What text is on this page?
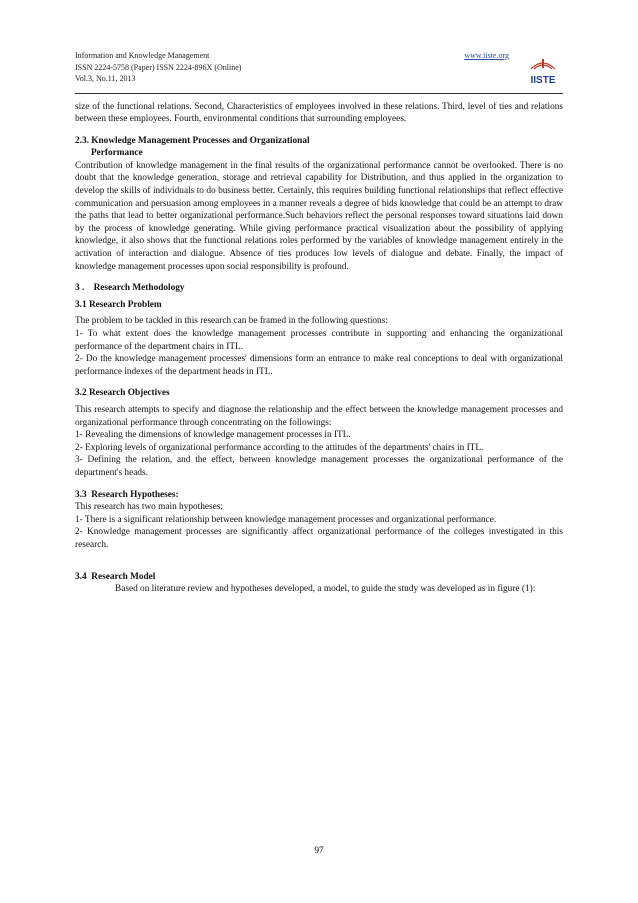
Information and Knowledge Management	www.iiste.org
ISSN 2224-5758 (Paper) ISSN 2224-896X (Online)
Vol.3, No.11, 2013	IISTE

size of the functional relations. Second, Characteristics of employees involved in these relations. Third, level of ties and relations between these employees. Fourth, environmental conditions that surrounding employees.

2.3. Knowledge Management Processes and Organizational

Performance

Contribution of knowledge management in the final results of the organizational performance cannot be overlooked. There is no doubt that the knowledge generation, storage and retrieval capability for Distribution, and thus applied in the organization to develop the skills of individuals to do business better. Certainly, this requires building functional relationships that reflect effective communication and persuasion among employees in a manner reveals a degree of bids knowledge that could be an attempt to draw the paths that lead to better organizational performance.Such behaviors reflect the personal responses toward situations laid down by the process of knowledge generating. While giving performance practical visualization about the possibility of applying knowledge, it also shows that the functional relations roles performed by the variables of knowledge management entirely in the activation of interaction and dialogue. Absence of ties produces low levels of dialogue and debate. Finally, the impact of knowledge management processes upon social responsibility is profound.

3 .    Research Methodology

3.1 Research Problem

The problem to be tackled in this research can be framed in the following questions:

1- To what extent does the knowledge management processes contribute in supporting and enhancing the organizational performance of the department chairs in ITL.

2- Do the knowledge management processes' dimensions form an entrance to make real conceptions to deal with organizational performance indexes of the department heads in ITL.

3.2 Research Objectives

This research attempts to specify and diagnose the relationship and the effect between the knowledge management processes and organizational performance through concentrating on the followings:

1- Revealing the dimensions of knowledge management processes in ITL.

2- Exploring levels of organizational performance according to the attitudes of the departments' chairs in ITL.

3- Defining the relation, and the effect, between knowledge management processes the organizational performance of the department's heads.

3.3  Research Hypotheses:

This research has two main hypotheses;

1- There is a significant relationship between knowledge management processes and organizational performance.

2- Knowledge management processes are significantly affect organizational performance of the colleges investigated in this research.

3.4  Research Model

Based on literature review and hypotheses developed, a model, to guide the study was developed as in figure (1):

97
